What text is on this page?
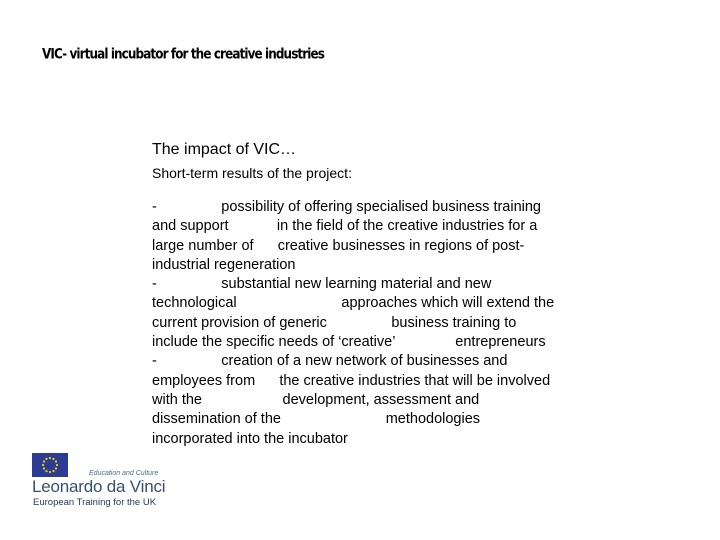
VIC- virtual incubator for the creative industries
The impact of VIC…
Short-term results of the project:
-                possibility of offering specialised business training
and support            in the field of the creative industries for a
large number of      creative businesses in regions of post-
industrial regeneration
-                substantial new learning material and new
technological                          approaches which will extend the
current provision of generic                business training to
include the specific needs of ‘creative’               entrepreneurs
-                creation of a new network of businesses and
employees from      the creative industries that will be involved
with the                    development, assessment and
dissemination of the                          methodologies
incorporated into the incubator
Education and Culture
Leonardo da Vinci
European Training for the UK
